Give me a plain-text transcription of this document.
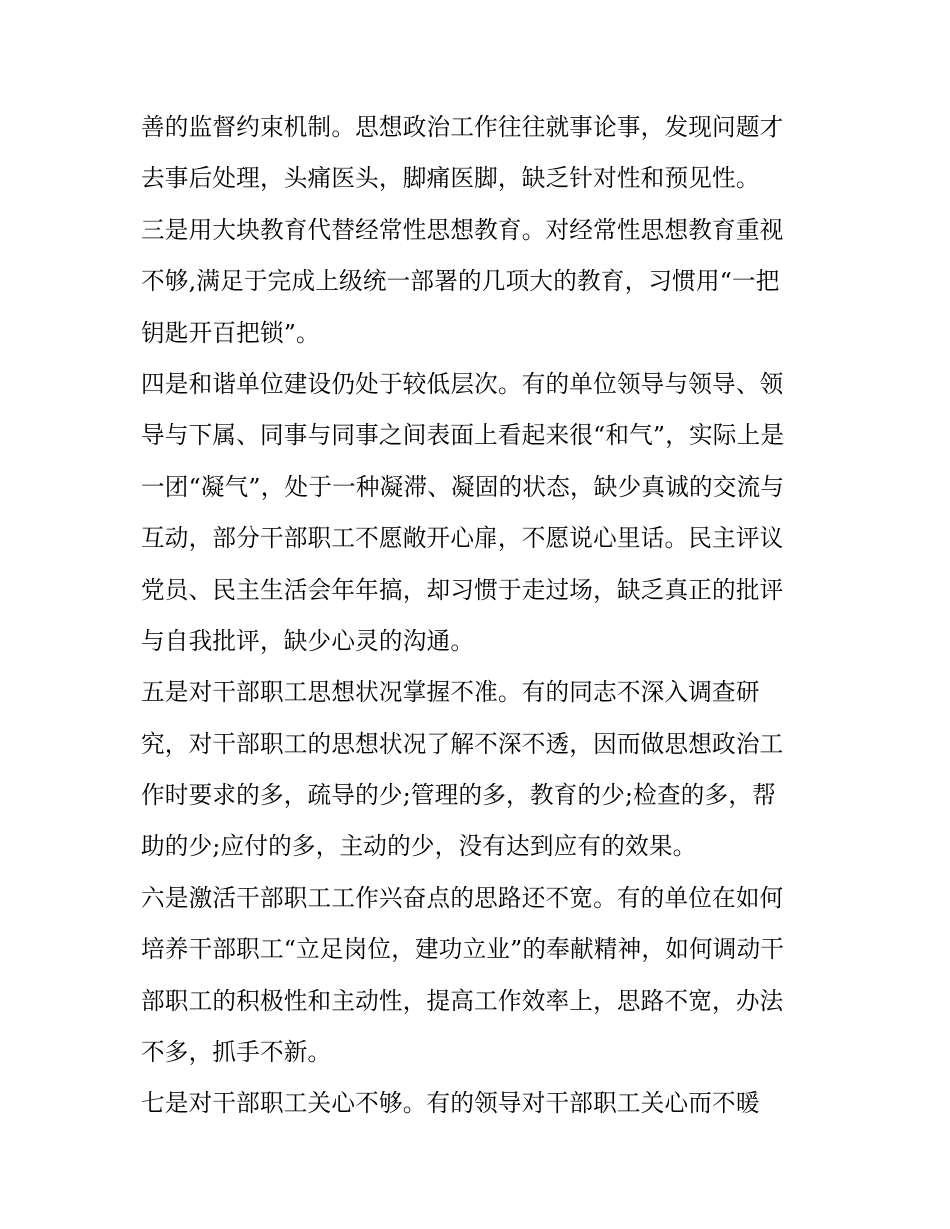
善的监督约束机制。思想政治工作往往就事论事，发现问题才
去事后处理，头痛医头，脚痛医脚，缺乏针对性和预见性。
三是用大块教育代替经常性思想教育。对经常性思想教育重视
不够,满足于完成上级统一部署的几项大的教育，习惯用“一把
钥匙开百把锁”。
四是和谐单位建设仍处于较低层次。有的单位领导与领导、领
导与下属、同事与同事之间表面上看起来很“和气”，实际上是
一团“凝气”，处于一种凝滞、凝固的状态，缺少真诚的交流与
互动，部分干部职工不愿敞开心扉，不愿说心里话。民主评议
党员、民主生活会年年搞，却习惯于走过场，缺乏真正的批评
与自我批评，缺少心灵的沟通。
五是对干部职工思想状况掌握不准。有的同志不深入调查研
究，对干部职工的思想状况了解不深不透，因而做思想政治工
作时要求的多，疏导的少;管理的多，教育的少;检查的多，帮
助的少;应付的多，主动的少，没有达到应有的效果。
六是激活干部职工工作兴奋点的思路还不宽。有的单位在如何
培养干部职工“立足岗位，建功立业”的奉献精神，如何调动干
部职工的积极性和主动性，提高工作效率上，思路不宽，办法
不多，抓手不新。
七是对干部职工关心不够。有的领导对干部职工关心而不暖
